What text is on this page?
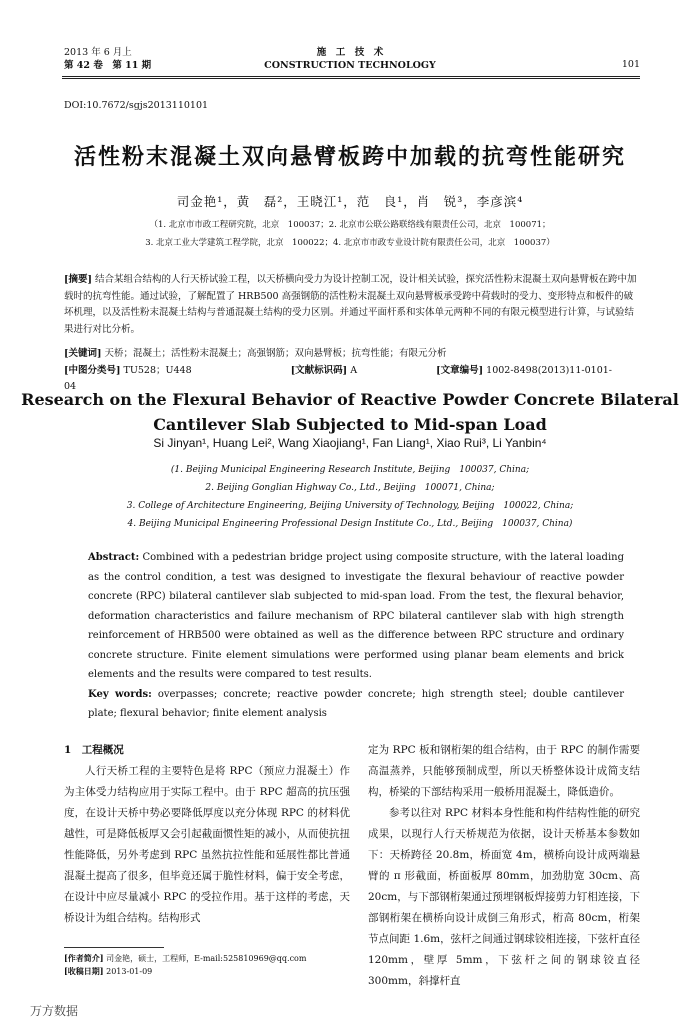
2013 年 6 月上
第 42 卷　第 11 期
施　工　技　术
CONSTRUCTION TECHNOLOGY	101
DOI:10.7672/sgjs2013110101
活性粉末混凝土双向悬臂板跨中加载的抗弯性能研究
司金艳¹，黄　磊²，王晓江¹，范　良¹，肖　锐³，李彦滨⁴
（1. 北京市市政工程研究院，北京　100037；2. 北京市公联公路联络线有限责任公司，北京　100071；
3. 北京工业大学建筑工程学院，北京　100022；4. 北京市市政专业设计院有限责任公司，北京　100037）
[摘要] 结合某组合结构的人行天桥试验工程，以天桥横向受力为设计控制工况，设计相关试验，探究活性粉末混凝土双向悬臂板在跨中加载时的抗弯性能。通过试验，了解配置了 HRB500 高强钢筋的活性粉末混凝土双向悬臂板承受跨中荷载时的受力、变形特点和板件的破坏机理，以及活性粉末混凝土结构与普通混凝土结构的受力区别。并通过平面杆系和实体单元两种不同的有限元模型进行计算，与试验结果进行对比分析。
[关键词] 天桥；混凝土；活性粉末混凝土；高强钢筋；双向悬臂板；抗弯性能；有限元分析
[中图分类号] TU528；U448	[文献标识码] A	[文章编号] 1002-8498(2013)11-0101-04
Research on the Flexural Behavior of Reactive Powder Concrete Bilateral
Cantilever Slab Subjected to Mid-span Load
Si Jinyan¹, Huang Lei², Wang Xiaojiang¹, Fan Liang¹, Xiao Rui³, Li Yanbin⁴
(1. Beijing Municipal Engineering Research Institute, Beijing　100037, China;
2. Beijing Gonglian Highway Co., Ltd., Beijing　100071, China;
3. College of Architecture Engineering, Beijing University of Technology, Beijing　100022, China;
4. Beijing Municipal Engineering Professional Design Institute Co., Ltd., Beijing　100037, China)
Abstract: Combined with a pedestrian bridge project using composite structure, with the lateral loading as the control condition, a test was designed to investigate the flexural behaviour of reactive powder concrete (RPC) bilateral cantilever slab subjected to mid-span load. From the test, the flexural behavior, deformation characteristics and failure mechanism of RPC bilateral cantilever slab with high strength reinforcement of HRB500 were obtained as well as the difference between RPC structure and ordinary concrete structure. Finite element simulations were performed using planar beam elements and brick elements and the results were compared to test results.
Key words: overpasses; concrete; reactive powder concrete; high strength steel; double cantilever plate; flexural behavior; finite element analysis
1　工程概况

人行天桥工程的主要特色是将 RPC（预应力混凝土）作为主体受力结构应用于实际工程中。由于 RPC 超高的抗压强度，在设计天桥中势必要降低厚度以充分体现 RPC 的材料优越性，可是降低板厚又会引起截面惯性矩的减小，从而使抗扭性能降低，另外考虑到 RPC 虽然抗拉性能和延展性都比普通混凝土提高了很多，但毕竟还属于脆性材料，偏于安全考虑，在设计中应尽量减小 RPC 的受拉作用。基于这样的考虑，天桥设计为组合结构。结构形式

定为 RPC 板和钢桁架的组合结构，由于 RPC 的制作需要高温蒸养，只能够预制成型，所以天桥整体设计成简支结构，桥梁的下部结构采用一般桥用混凝土，降低造价。

参考以往对 RPC 材料本身性能和构件结构性能的研究成果，以现行人行天桥规范为依据，设计天桥基本参数如下：天桥跨径 20.8m，桥面宽 4m，横桥向设计成两端悬臂的 π 形截面，桥面板厚 80mm，加劲肋宽 30cm、高 20cm，与下部钢桁架通过预埋钢板焊接剪力钉相连接，下部钢桁架在横桥向设计成倒三角形式，桁高 80cm，桁架节点间距 1.6m，弦杆之间通过钢球铰相连接，下弦杆直径 120mm，壁厚 5mm，下弦杆之间的钢球铰直径 300mm，斜撑杆直

[作者简介] 司金艳，硕士，工程师，E-mail:525810969@qq.com
[收稿日期] 2013-01-09
万方数据
